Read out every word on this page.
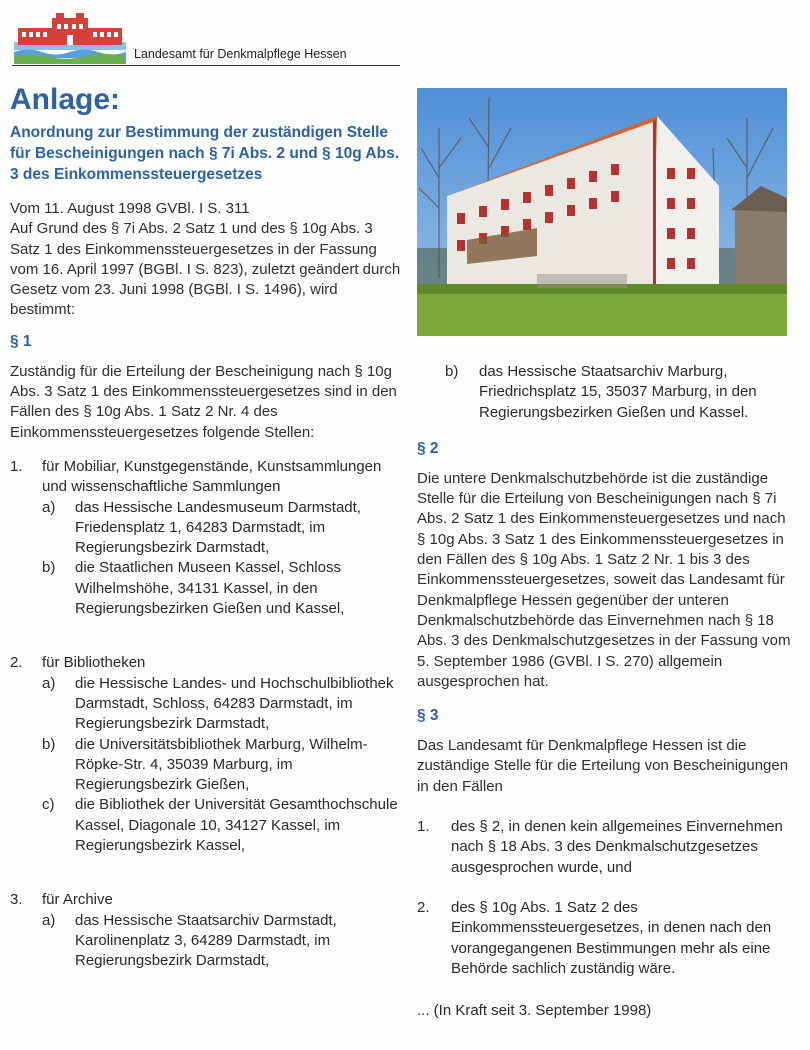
Landesamt für Denkmalpflege Hessen
Anlage:
Anordnung zur Bestimmung der zuständigen Stelle für Bescheinigungen nach § 7i Abs. 2 und § 10g Abs. 3 des Einkommenssteuergesetzes
Vom 11. August 1998 GVBl. I S. 311
Auf Grund des § 7i Abs. 2 Satz 1 und des § 10g Abs. 3 Satz 1 des Einkommenssteuergesetzes in der Fassung vom 16. April 1997 (BGBl. I S. 823), zuletzt geändert durch Gesetz vom 23. Juni 1998 (BGBl. I S. 1496), wird bestimmt:
§ 1
Zuständig für die Erteilung der Bescheinigung nach § 10g Abs. 3 Satz 1 des Einkommenssteuergesetzes sind in den Fällen des § 10g Abs. 1 Satz 2 Nr. 4 des Einkommenssteuergesetzes folgende Stellen:
1.	für Mobiliar, Kunstgegenstände, Kunstsammlungen und wissenschaftliche Sammlungen
a)	das Hessische Landesmuseum Darmstadt, Friedensplatz 1, 64283 Darmstadt, im Regierungsbezirk Darmstadt,
b)	die Staatlichen Museen Kassel, Schloss Wilhelmshöhe, 34131 Kassel, in den Regierungsbezirken Gießen und Kassel,
2.	für Bibliotheken
a)	die Hessische Landes- und Hochschulbibliothek Darmstadt, Schloss, 64283 Darmstadt, im Regierungsbezirk Darmstadt,
b)	die Universitätsbibliothek Marburg, Wilhelm-Röpke-Str. 4, 35039 Marburg, im Regierungsbezirk Gießen,
c)	die Bibliothek der Universität Gesamthochschule Kassel, Diagonale 10, 34127 Kassel, im Regierungsbezirk Kassel,
3.	für Archive
a)	das Hessische Staatsarchiv Darmstadt, Karolinenplatz 3, 64289 Darmstadt, im Regierungsbezirk Darmstadt,
b)	das Hessische Staatsarchiv Marburg, Friedrichsplatz 15, 35037 Marburg, in den Regierungsbezirken Gießen und Kassel.
§ 2
Die untere Denkmalschutzbehörde ist die zuständige Stelle für die Erteilung von Bescheinigungen nach § 7i Abs. 2 Satz 1 des Einkommensteuergesetzes und nach § 10g Abs. 3 Satz 1 des Einkommenssteuergesetzes in den Fällen des § 10g Abs. 1 Satz 2 Nr. 1 bis 3 des Einkommenssteuergesetzes, soweit das Landesamt für Denkmalpflege Hessen gegenüber der unteren Denkmalschutzbehörde das Einvernehmen nach § 18 Abs. 3 des Denkmalschutzgesetzes in der Fassung vom 5. September 1986 (GVBl. I S. 270) allgemein ausgesprochen hat.
§ 3
Das Landesamt für Denkmalpflege Hessen ist die zuständige Stelle für die Erteilung von Bescheinigungen in den Fällen
1.	des § 2, in denen kein allgemeines Einvernehmen nach § 18 Abs. 3 des Denkmalschutzgesetzes ausgesprochen wurde, und
2.	des § 10g Abs. 1 Satz 2 des Einkommenssteuergesetzes, in denen nach den vorangegangenen Bestimmungen mehr als eine Behörde sachlich zuständig wäre.
... (In Kraft seit 3. September 1998)
